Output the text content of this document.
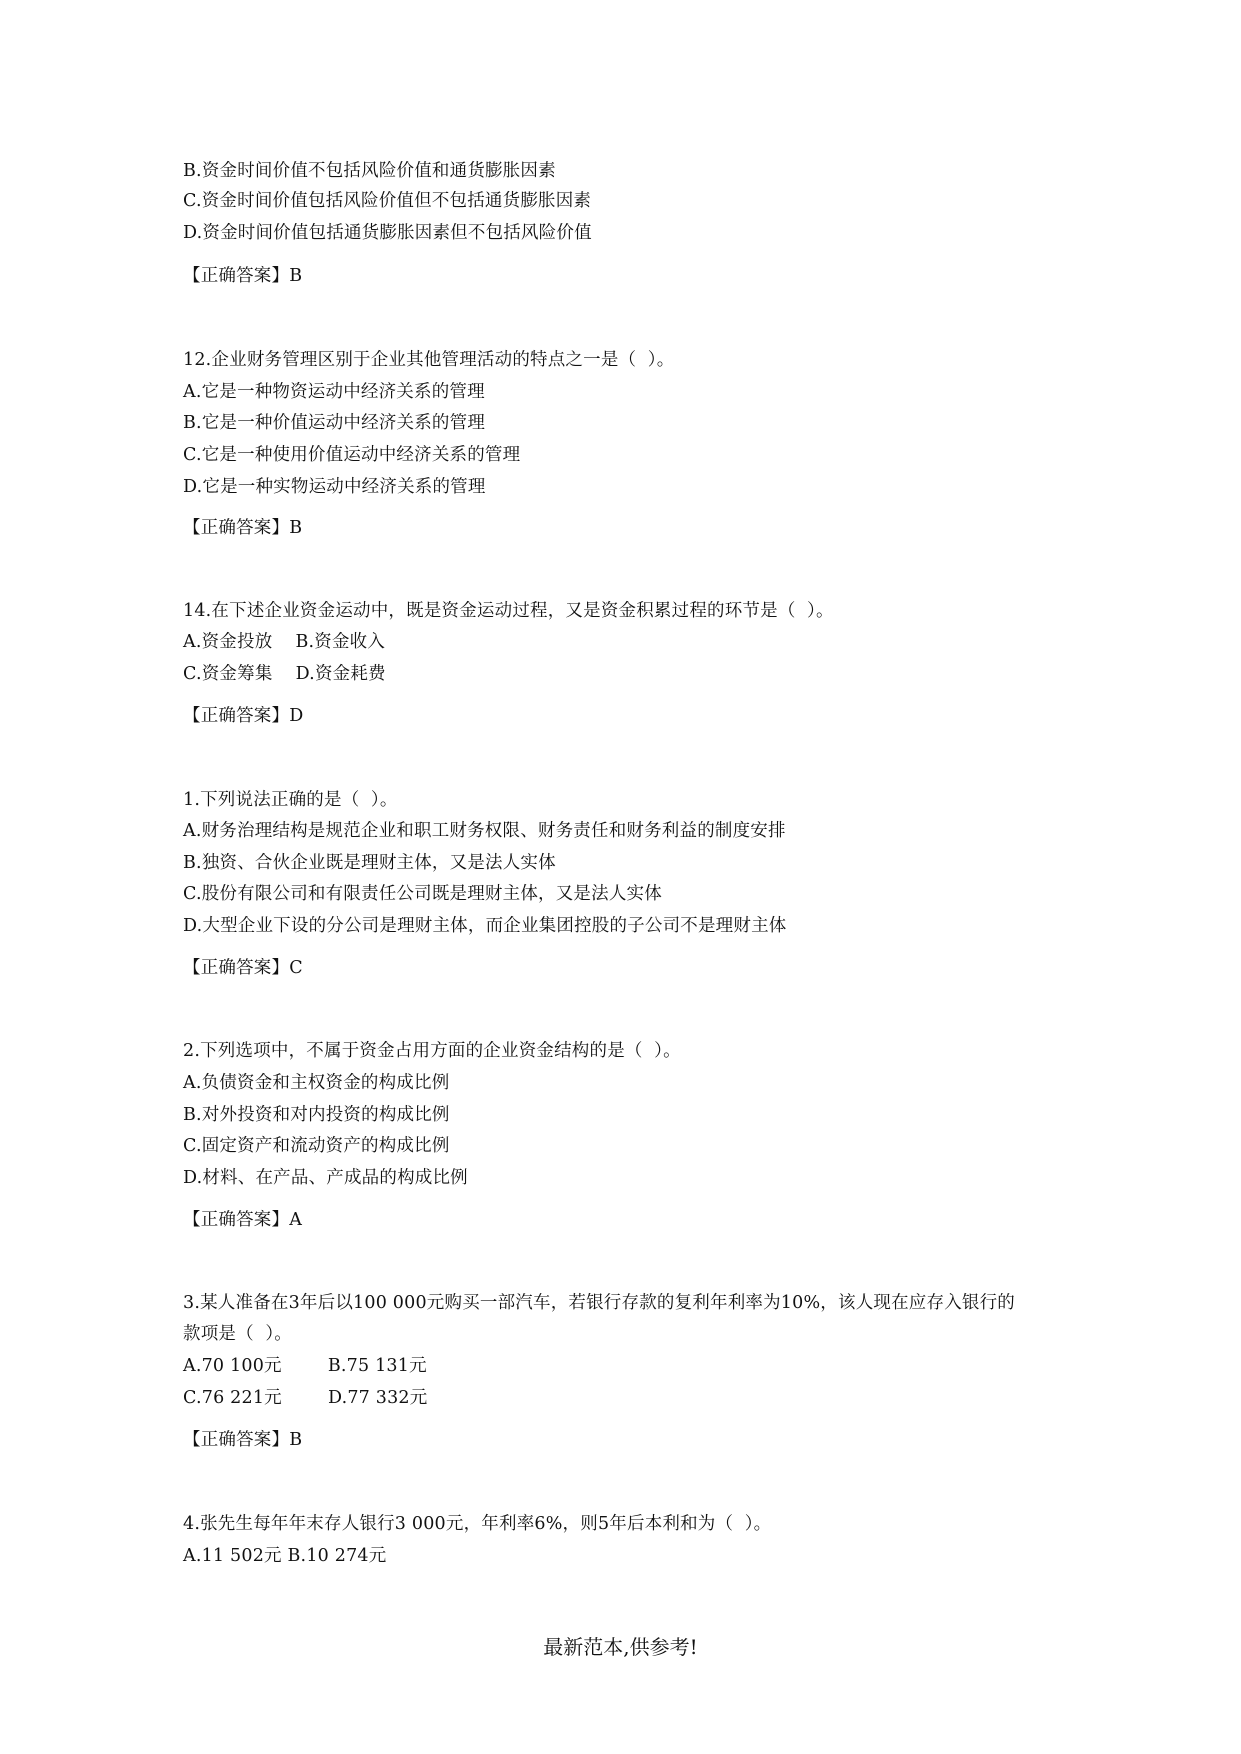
B.资金时间价值不包括风险价值和通货膨胀因素
C.资金时间价值包括风险价值但不包括通货膨胀因素
D.资金时间价值包括通货膨胀因素但不包括风险价值
【正确答案】B
12.企业财务管理区别于企业其他管理活动的特点之一是（  ）。
A.它是一种物资运动中经济关系的管理
B.它是一种价值运动中经济关系的管理
C.它是一种使用价值运动中经济关系的管理
D.它是一种实物运动中经济关系的管理
【正确答案】B
14.在下述企业资金运动中，既是资金运动过程，又是资金积累过程的环节是（  ）。
A.资金投放    B.资金收入
C.资金筹集    D.资金耗费
【正确答案】D
1.下列说法正确的是（  ）。
A.财务治理结构是规范企业和职工财务权限、财务责任和财务利益的制度安排
B.独资、合伙企业既是理财主体，又是法人实体
C.股份有限公司和有限责任公司既是理财主体，又是法人实体
D.大型企业下设的分公司是理财主体，而企业集团控股的子公司不是理财主体
【正确答案】C
2.下列选项中，不属于资金占用方面的企业资金结构的是（  ）。
A.负债资金和主权资金的构成比例
B.对外投资和对内投资的构成比例
C.固定资产和流动资产的构成比例
D.材料、在产品、产成品的构成比例
【正确答案】A
3.某人准备在3年后以100 000元购买一部汽车，若银行存款的复利年利率为10%，该人现在应存入银行的
款项是（  ）。
A.70 100元        B.75 131元
C.76 221元        D.77 332元
【正确答案】B
4.张先生每年年末存人银行3 000元，年利率6%，则5年后本利和为（  ）。
A.11 502元 B.10 274元
最新范本,供参考!
